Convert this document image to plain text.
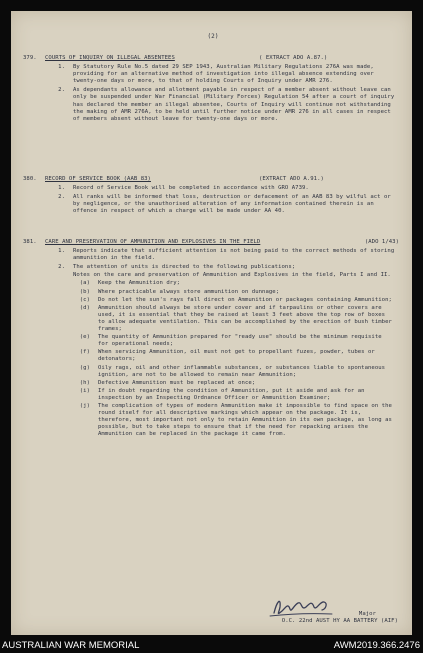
(2)
379.	COURTS OF INQUIRY ON ILLEGAL ABSENTEES	( EXTRACT ADO A.87.)
1.	By Statutory Rule No.5 dated 29 SEP 1943, Australian Military Regulations 276A was made, providing for an alternative method of investigation into illegal absence extending over twenty-one days or more, to that of holding Courts of Inquiry under AMR 276.
2.	As dependants allowance and allotment payable in respect of a member absent without leave can only be suspended under War Financial (Military Forces) Regulation 54 after a court of inquiry has declared the member an illegal absentee, Courts of Inquiry will continue not withstanding the making of AMR 276A, to be held until further notice under AMR 276 in all cases in respect of members absent without leave for twenty-one days or more.
380.	RECORD OF SERVICE BOOK (AAB 83)	(EXTRACT ADO A.91.)
1.	Record of Service Book will be completed in accordance with GRO A739.
2.	All ranks will be informed that loss, destruction or defacement of an AAB 83 by wilful act or by negligence, or the unauthorised alteration of any information contained therein is an offence in respect of which a charge will be made under AA 40.
(ADO 1/43)
381.	CARE AND PRESERVATION OF AMMUNITION AND EXPLOSIVES IN THE FIELD
1.	Reports indicate that sufficient attention is not being paid to the correct methods of storing ammunition in the field.
2.	The attention of units is directed to the following publications;
Notes on the care and preservation of Ammunition and Explosives in the field, Parts I and II.
(a)	Keep the Ammunition dry;
(b)	Where practicable always store ammunition on dunnage;
(c)	Do not let the sun's rays fall direct on Ammunition or packages containing Ammunition;
(d)	Ammunition should always be store under cover and if tarpaulins or other covers are used, it is essential that they be raised at least 3 feet above the top row of boxes to allow adequate ventilation. This can be accomplished by the erection of bush timber frames;
(e)	The quantity of Ammunition prepared for "ready use" should be the minimum requisite for operational needs;
(f)	When servicing Ammunition, oil must not get to propellant fuzes, powder, tubes or detonators;
(g)	Oily rags, oil and other inflammable substances, or substances liable to spontaneous ignition, are not to be allowed to remain near Ammunition;
(h)	Defective Ammunition must be replaced at once;
(i)	If in doubt regarding the condition of Ammunition, put it aside and ask for an inspection by an Inspecting Ordnance Officer or Ammunition Examiner;
(j)	The complication of types of modern Ammunition make it impossible to find space on the round itself for all descriptive markings which appear on the package. It is, therefore, most important not only to retain Ammunition in its own package, as long as possible, but to take steps to ensure that if the need for repacking arises the Ammunition can be replaced in the package it came from.
Major
O.C. 22nd AUST HY AA BATTERY (AIF)
AUSTRALIAN WAR MEMORIAL	AWM2019.366.2476
